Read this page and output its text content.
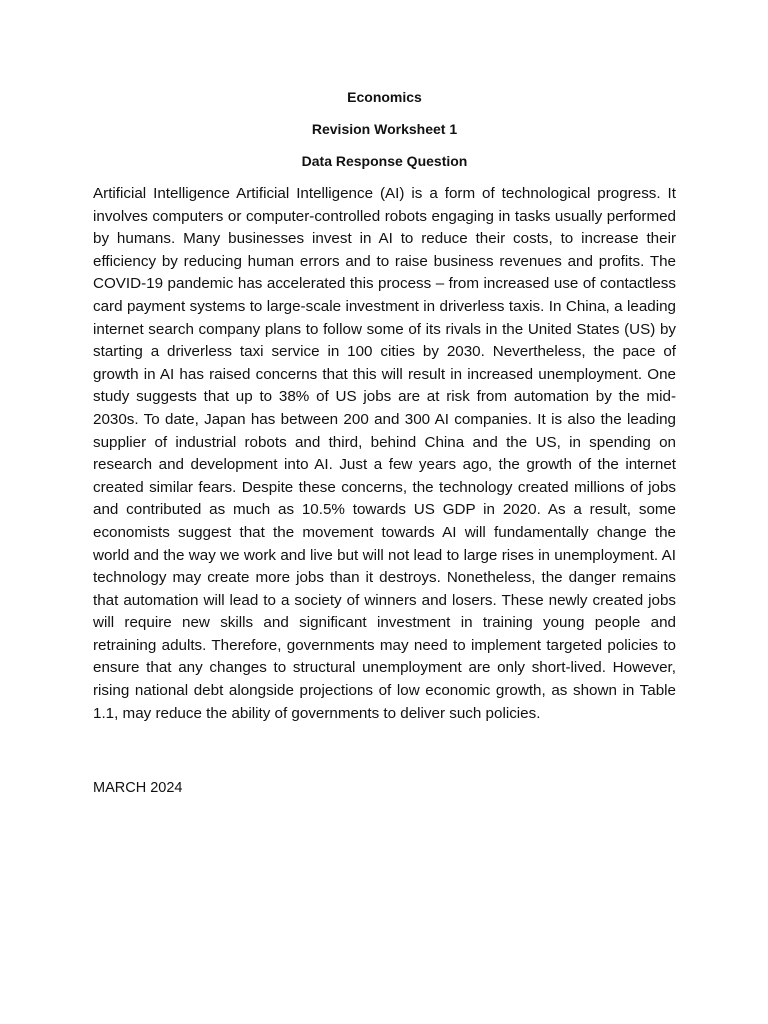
Economics
Revision Worksheet 1
Data Response Question

Artificial Intelligence Artificial Intelligence (AI) is a form of technological progress. It involves computers or computer-controlled robots engaging in tasks usually performed by humans. Many businesses invest in AI to reduce their costs, to increase their efficiency by reducing human errors and to raise business revenues and profits. The COVID-19 pandemic has accelerated this process – from increased use of contactless card payment systems to large-scale investment in driverless taxis. In China, a leading internet search company plans to follow some of its rivals in the United States (US) by starting a driverless taxi service in 100 cities by 2030. Nevertheless, the pace of growth in AI has raised concerns that this will result in increased unemployment. One study suggests that up to 38% of US jobs are at risk from automation by the mid-2030s. To date, Japan has between 200 and 300 AI companies. It is also the leading supplier of industrial robots and third, behind China and the US, in spending on research and development into AI. Just a few years ago, the growth of the internet created similar fears. Despite these concerns, the technology created millions of jobs and contributed as much as 10.5% towards US GDP in 2020. As a result, some economists suggest that the movement towards AI will fundamentally change the world and the way we work and live but will not lead to large rises in unemployment. AI technology may create more jobs than it destroys. Nonetheless, the danger remains that automation will lead to a society of winners and losers. These newly created jobs will require new skills and significant investment in training young people and retraining adults. Therefore, governments may need to implement targeted policies to ensure that any changes to structural unemployment are only short-lived. However, rising national debt alongside projections of low economic growth, as shown in Table 1.1, may reduce the ability of governments to deliver such policies.

MARCH 2024
